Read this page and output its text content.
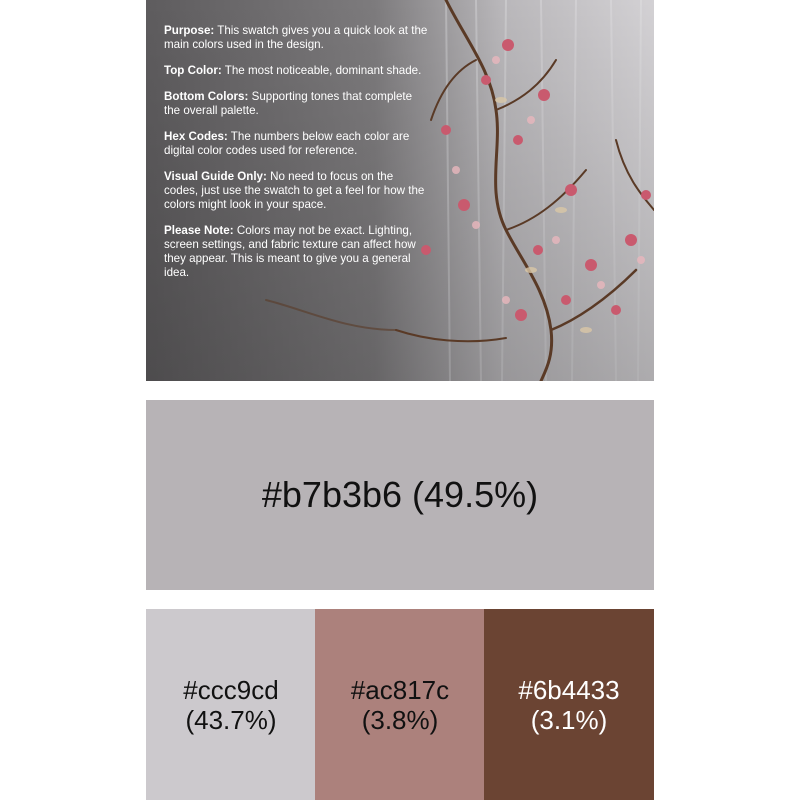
Purpose: This swatch gives you a quick look at the main colors used in the design.

Top Color: The most noticeable, dominant shade.

Bottom Colors: Supporting tones that complete the overall palette.

Hex Codes: The numbers below each color are digital color codes used for reference.

Visual Guide Only: No need to focus on the codes, just use the swatch to get a feel for how the colors might look in your space.

Please Note: Colors may not be exact. Lighting, screen settings, and fabric texture can affect how they appear. This is meant to give you a general idea.

#b7b3b6 (49.5%)
#ccc9cd
(43.7%)
#ac817c
(3.8%)
#6b4433
(3.1%)
